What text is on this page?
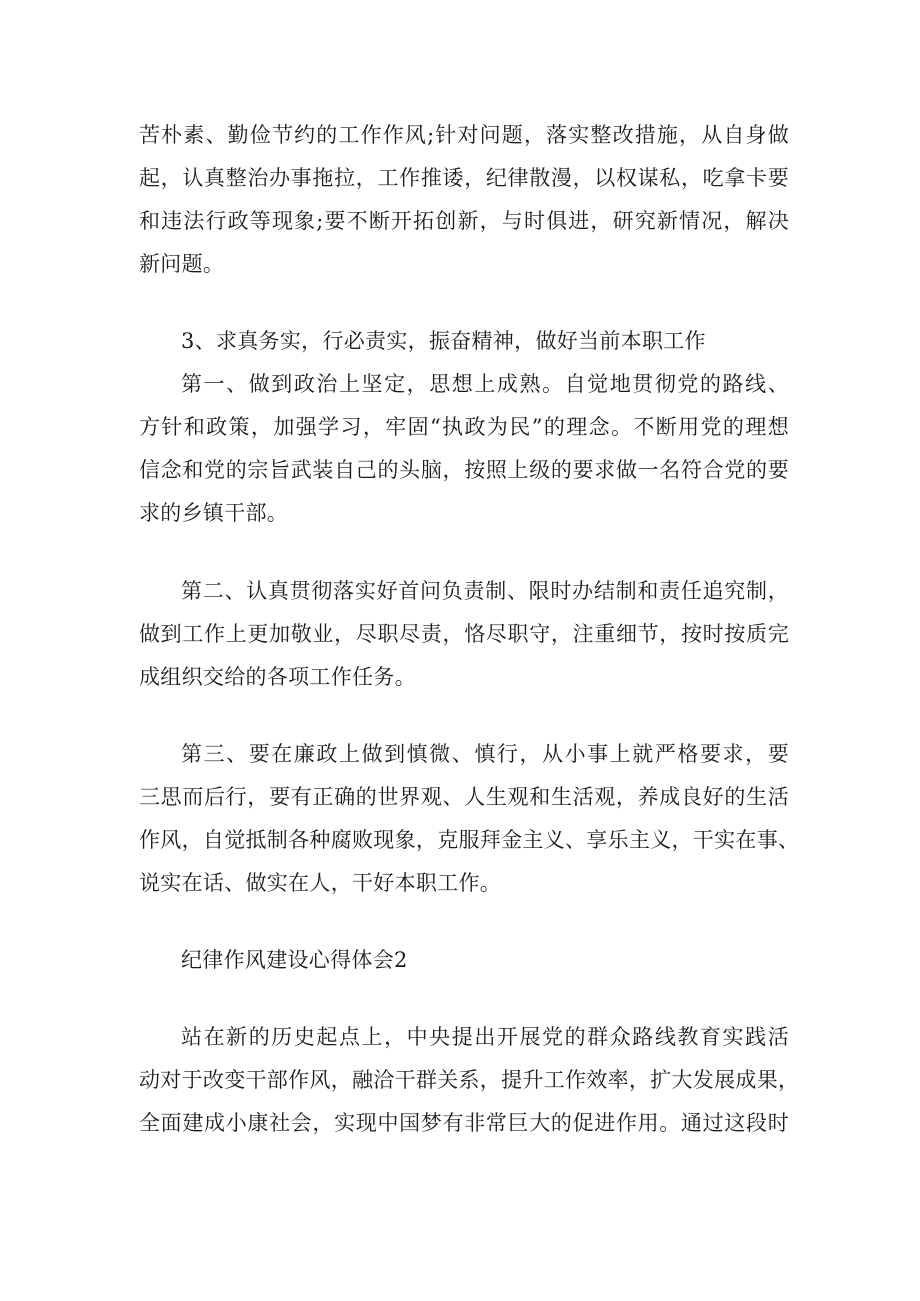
苦朴素、勤俭节约的工作作风;针对问题，落实整改措施，从自身做
起，认真整治办事拖拉，工作推诿，纪律散漫，以权谋私，吃拿卡要
和违法行政等现象;要不断开拓创新，与时俱进，研究新情况，解决
新问题。
3、求真务实，行必责实，振奋精神，做好当前本职工作
第一、做到政治上坚定，思想上成熟。自觉地贯彻党的路线、
方针和政策，加强学习，牢固“执政为民”的理念。不断用党的理想
信念和党的宗旨武装自己的头脑，按照上级的要求做一名符合党的要
求的乡镇干部。
第二、认真贯彻落实好首问负责制、限时办结制和责任追究制，
做到工作上更加敬业，尽职尽责，恪尽职守，注重细节，按时按质完
成组织交给的各项工作任务。
第三、要在廉政上做到慎微、慎行，从小事上就严格要求，要
三思而后行，要有正确的世界观、人生观和生活观，养成良好的生活
作风，自觉抵制各种腐败现象，克服拜金主义、享乐主义，干实在事、
说实在话、做实在人，干好本职工作。
纪律作风建设心得体会2
站在新的历史起点上，中央提出开展党的群众路线教育实践活
动对于改变干部作风，融洽干群关系，提升工作效率，扩大发展成果，
全面建成小康社会，实现中国梦有非常巨大的促进作用。通过这段时
